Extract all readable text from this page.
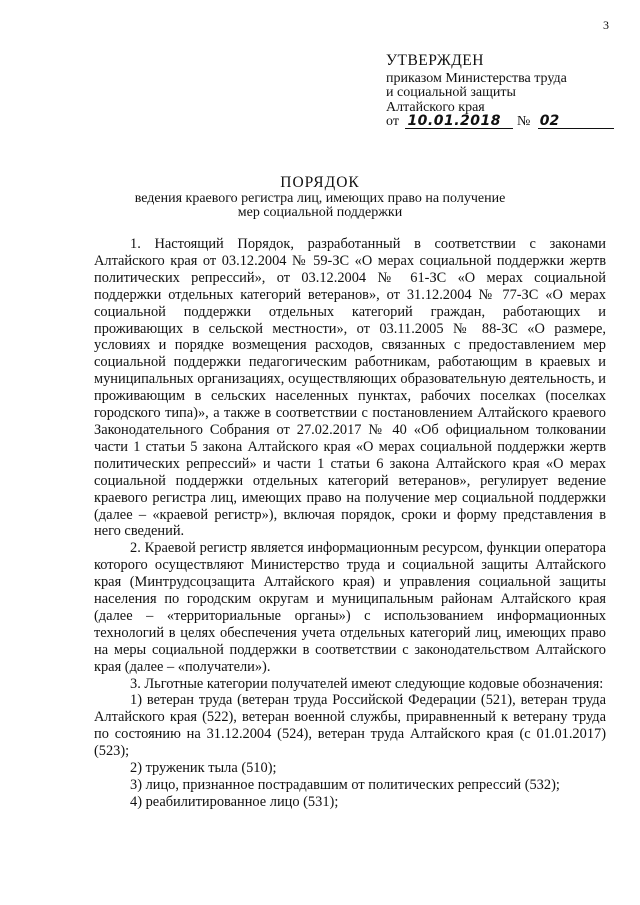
3
УТВЕРЖДЕН
приказом Министерства труда
и социальной защиты
Алтайского края
от 10.01.2018 № 02
ПОРЯДОК
ведения краевого регистра лиц, имеющих право на получение
мер социальной поддержки

1. Настоящий Порядок, разработанный в соответствии с законами Алтайского края от 03.12.2004 № 59-ЗС «О мерах социальной поддержки жертв политических репрессий», от 03.12.2004 № 61-ЗС «О мерах социальной поддержки отдельных категорий ветеранов», от 31.12.2004 № 77-ЗС «О мерах социальной поддержки отдельных категорий граждан, работающих и проживающих в сельской местности», от 03.11.2005 № 88-ЗС «О размере, условиях и порядке возмещения расходов, связанных с предоставлением мер социальной поддержки педагогическим работникам, работающим в краевых и муниципальных организациях, осуществляющих образовательную деятельность, и проживающим в сельских населенных пунктах, рабочих поселках (поселках городского типа)», а также в соответствии с постановлением Алтайского краевого Законодательного Собрания от 27.02.2017 № 40 «Об официальном толковании части 1 статьи 5 закона Алтайского края «О мерах социальной поддержки жертв политических репрессий» и части 1 статьи 6 закона Алтайского края «О мерах социальной поддержки отдельных категорий ветеранов», регулирует ведение краевого регистра лиц, имеющих право на получение мер социальной поддержки (далее – «краевой регистр»), включая порядок, сроки и форму представления в него сведений.

2. Краевой регистр является информационным ресурсом, функции оператора которого осуществляют Министерство труда и социальной защиты Алтайского края (Минтрудсоцзащита Алтайского края) и управления социальной защиты населения по городским округам и муниципальным районам Алтайского края (далее – «территориальные органы») с использованием информационных технологий в целях обеспечения учета отдельных категорий лиц, имеющих право на меры социальной поддержки в соответствии с законодательством Алтайского края (далее – «получатели»).

3. Льготные категории получателей имеют следующие кодовые обозначения:

1) ветеран труда (ветеран труда Российской Федерации (521), ветеран труда Алтайского края (522), ветеран военной службы, приравненный к ветерану труда по состоянию на 31.12.2004 (524), ветеран труда Алтайского края (с 01.01.2017) (523);

2) труженик тыла (510);

3) лицо, признанное пострадавшим от политических репрессий (532);

4) реабилитированное лицо (531);
